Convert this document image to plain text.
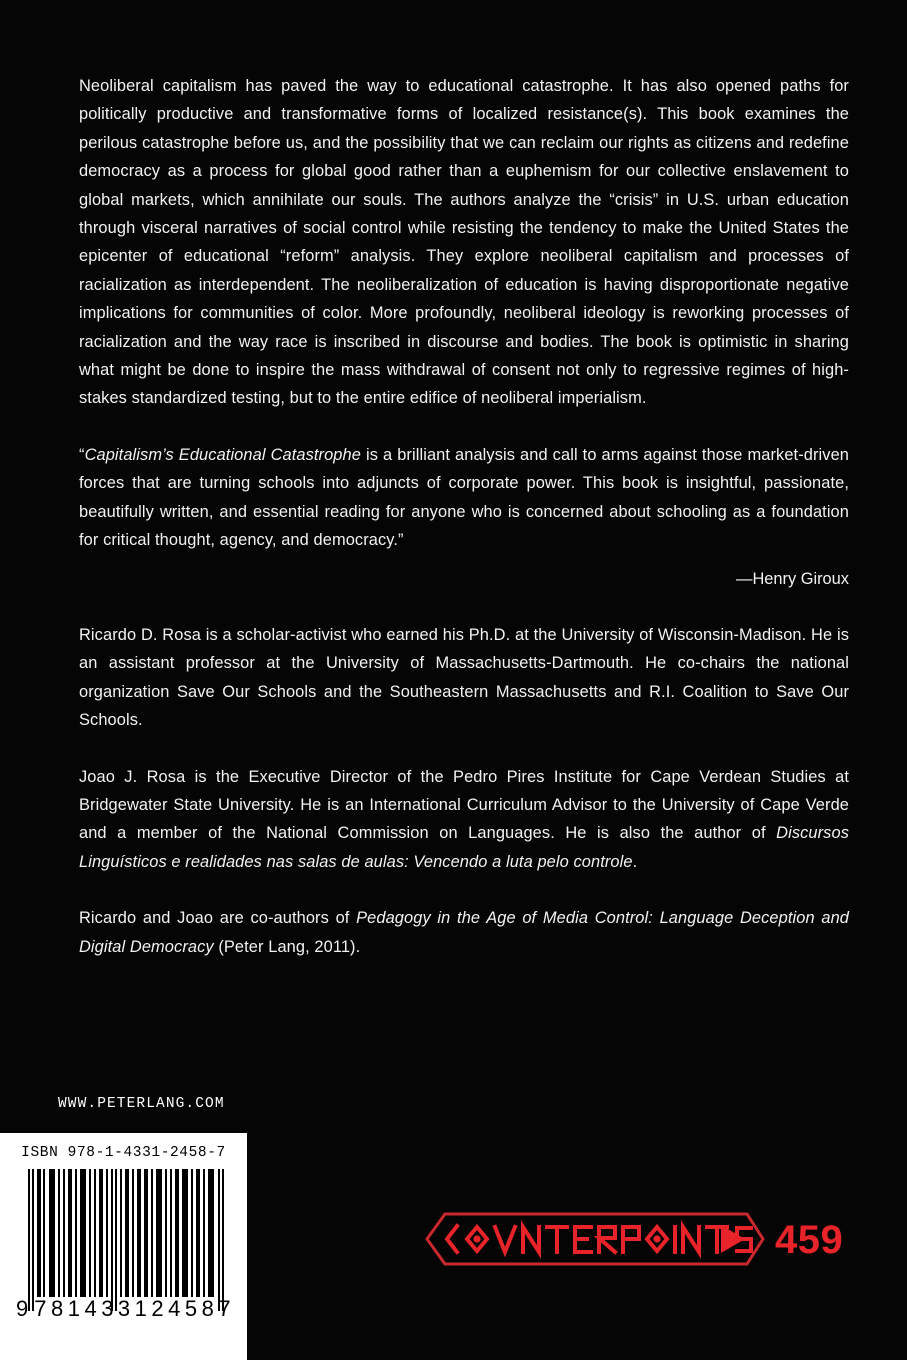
Neoliberal capitalism has paved the way to educational catastrophe. It has also opened paths for politically productive and transformative forms of localized resistance(s). This book examines the perilous catastrophe before us, and the possibility that we can reclaim our rights as citizens and redefine democracy as a process for global good rather than a euphemism for our collective enslavement to global markets, which annihilate our souls. The authors analyze the “crisis” in U.S. urban education through visceral narratives of social control while resisting the tendency to make the United States the epicenter of educational “reform” analysis. They explore neoliberal capitalism and processes of racialization as interdependent. The neoliberalization of education is having disproportionate negative implications for communities of color. More profoundly, neoliberal ideology is reworking processes of racialization and the way race is inscribed in discourse and bodies. The book is optimistic in sharing what might be done to inspire the mass withdrawal of consent not only to regressive regimes of high-stakes standardized testing, but to the entire edifice of neoliberal imperialism.

“Capitalism’s Educational Catastrophe is a brilliant analysis and call to arms against those market-driven forces that are turning schools into adjuncts of corporate power. This book is insightful, passionate, beautifully written, and essential reading for anyone who is concerned about schooling as a foundation for critical thought, agency, and democracy.”

—Henry Giroux

Ricardo D. Rosa is a scholar-activist who earned his Ph.D. at the University of Wisconsin-Madison. He is an assistant professor at the University of Massachusetts-Dartmouth. He co-chairs the national organization Save Our Schools and the Southeastern Massachusetts and R.I. Coalition to Save Our Schools.

Joao J. Rosa is the Executive Director of the Pedro Pires Institute for Cape Verdean Studies at Bridgewater State University. He is an International Curriculum Advisor to the University of Cape Verde and a member of the National Commission on Languages. He is also the author of Discursos Linguísticos e realidades nas salas de aulas: Vencendo a luta pelo controle.

Ricardo and Joao are co-authors of Pedagogy in the Age of Media Control: Language Deception and Digital Democracy (Peter Lang, 2011).

WWW.PETERLANG.COM
ISBN 978-1-4331-2458-7
9 781433 124587
459
